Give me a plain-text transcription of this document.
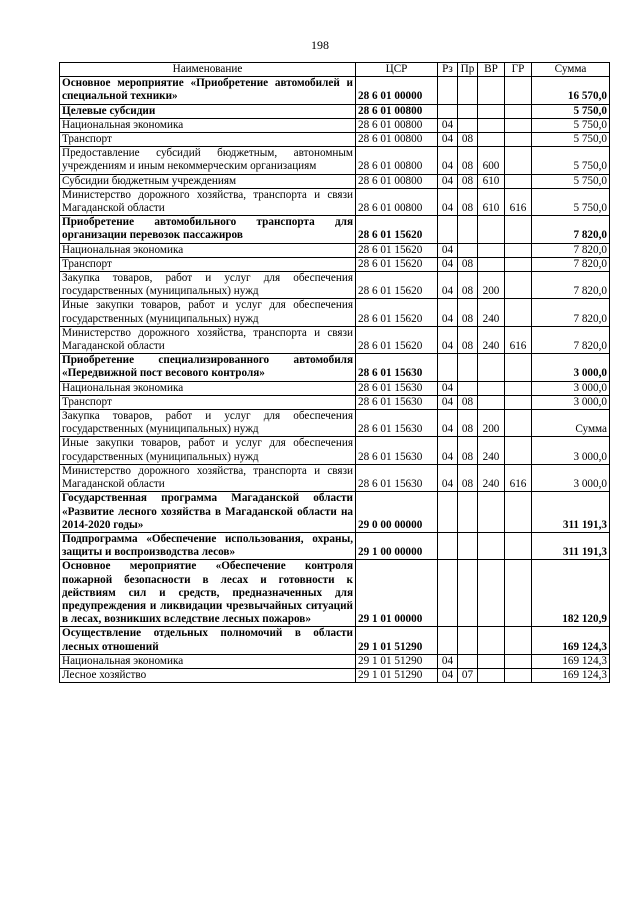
198
Наименование	ЦСР	Рз	Пр	ВР	ГР	Сумма
Основное мероприятие «Приобретение автомобилей и специальной техники»	28 6 01 00000					16 570,0
Целевые субсидии	28 6 01 00800					5 750,0
Национальная экономика	28 6 01 00800	04				5 750,0
Транспорт	28 6 01 00800	04	08			5 750,0
Предоставление субсидий бюджетным, автономным учреждениям и иным некоммерческим организациям	28 6 01 00800	04	08	600		5 750,0
Субсидии бюджетным учреждениям	28 6 01 00800	04	08	610		5 750,0
Министерство дорожного хозяйства, транспорта и связи Магаданской области	28 6 01 00800	04	08	610	616	5 750,0
Приобретение автомобильного транспорта для организации перевозок пассажиров	28 6 01 15620					7 820,0
Национальная экономика	28 6 01 15620	04				7 820,0
Транспорт	28 6 01 15620	04	08			7 820,0
Закупка товаров, работ и услуг для обеспечения государственных (муниципальных) нужд	28 6 01 15620	04	08	200		7 820,0
Иные закупки товаров, работ и услуг для обеспечения государственных (муниципальных) нужд	28 6 01 15620	04	08	240		7 820,0
Министерство дорожного хозяйства, транспорта и связи Магаданской области	28 6 01 15620	04	08	240	616	7 820,0
Приобретение специализированного автомобиля «Передвижной пост весового контроля»	28 6 01 15630					3 000,0
Национальная экономика	28 6 01 15630	04				3 000,0
Транспорт	28 6 01 15630	04	08			3 000,0
Закупка товаров, работ и услуг для обеспечения государственных (муниципальных) нужд	28 6 01 15630	04	08	200		Сумма
Иные закупки товаров, работ и услуг для обеспечения государственных (муниципальных) нужд	28 6 01 15630	04	08	240		3 000,0
Министерство дорожного хозяйства, транспорта и связи Магаданской области	28 6 01 15630	04	08	240	616	3 000,0
Государственная программа Магаданской области «Развитие лесного хозяйства в Магаданской области на 2014-2020 годы»	29 0 00 00000					311 191,3
Подпрограмма «Обеспечение использования, охраны, защиты и воспроизводства лесов»	29 1 00 00000					311 191,3
Основное мероприятие «Обеспечение контроля пожарной безопасности в лесах и готовности к действиям сил и средств, предназначенных для предупреждения и ликвидации чрезвычайных ситуаций в лесах, возникших вследствие лесных пожаров»	29 1 01 00000					182 120,9
Осуществление отдельных полномочий в области лесных отношений	29 1 01 51290					169 124,3
Национальная экономика	29 1 01 51290	04				169 124,3
Лесное хозяйство	29 1 01 51290	04	07			169 124,3
